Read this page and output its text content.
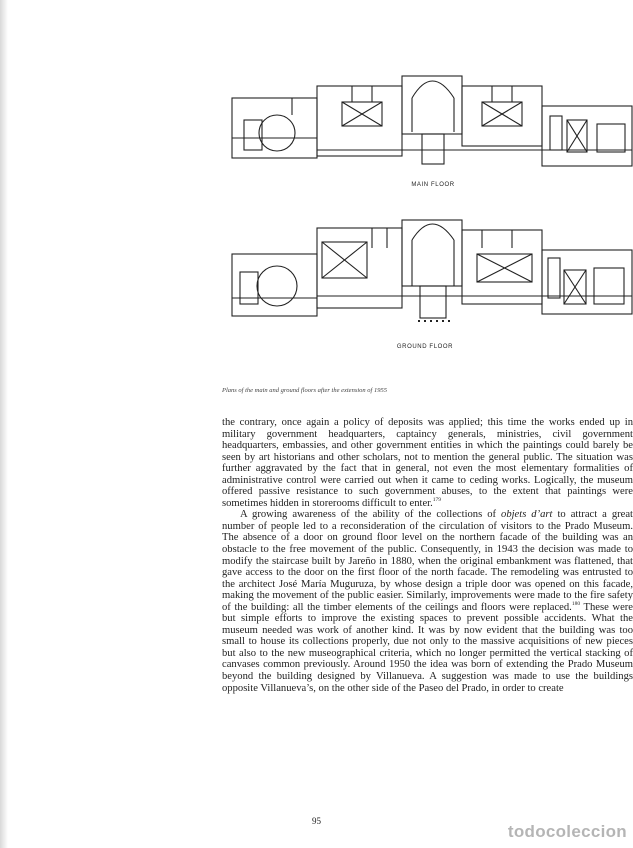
MAIN FLOOR
GROUND FLOOR

Plans of the main and ground floors after the extension of 1955

the contrary, once again a policy of deposits was applied; this time the works ended up in military government headquarters, captaincy generals, ministries, civil government headquarters, embassies, and other government entities in which the paintings could barely be seen by art historians and other scholars, not to mention the general public. The situation was further aggravated by the fact that in general, not even the most elementary formalities of administrative control were carried out when it came to ceding works. Logically, the museum offered passive resistance to such government abuses, to the extent that paintings were sometimes hidden in storerooms difficult to enter.$^{179}$

A growing awareness of the ability of the collections of objets d’art to attract a great number of people led to a reconsideration of the circulation of visitors to the Prado Museum. The absence of a door on ground floor level on the northern facade of the building was an obstacle to the free movement of the public. Consequently, in 1943 the decision was made to modify the staircase built by Jareño in 1880, when the original embankment was flattened, that gave access to the door on the first floor of the north facade. The remodeling was entrusted to the architect José María Muguruza, by whose design a triple door was opened on this facade, making the movement of the public easier. Similarly, improvements were made to the fire safety of the building: all the timber elements of the ceilings and floors were replaced.$^{180}$ These were but simple efforts to improve the existing spaces to prevent possible accidents. What the museum needed was work of another kind. It was by now evident that the building was too small to house its collections properly, due not only to the massive acquisitions of new pieces but also to the new museographical criteria, which no longer permitted the vertical stacking of canvases common previously. Around 1950 the idea was born of extending the Prado Museum beyond the building designed by Villanueva. A suggestion was made to use the buildings opposite Villanueva’s, on the other side of the Paseo del Prado, in order to create

95

todocoleccion
